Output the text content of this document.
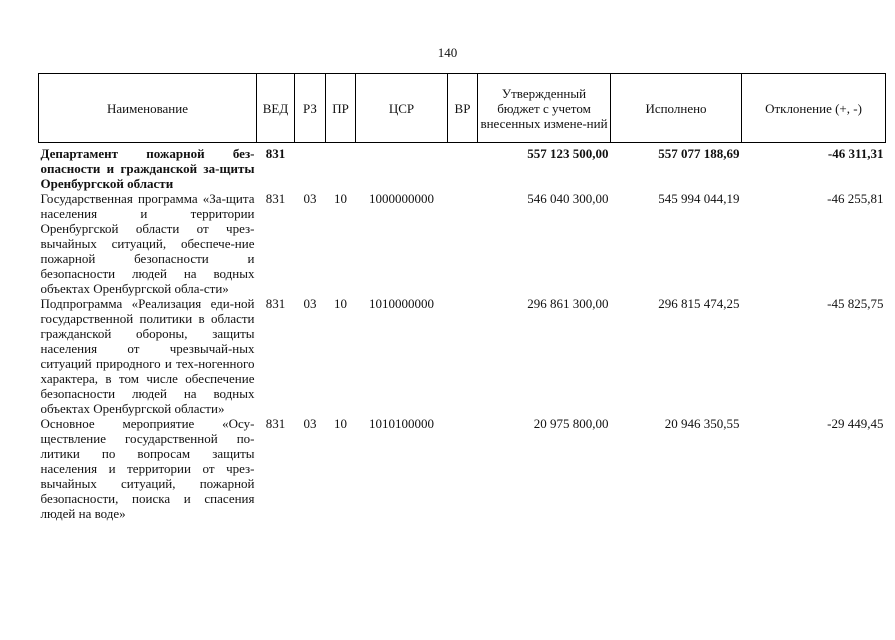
140
Наименование	ВЕД	РЗ	ПР	ЦСР	ВР	Утвержденный бюджет с учетом внесенных измене-ний	Исполнено	Отклонение (+, -)
Департамент пожарной без-опасности и гражданской за-щиты Оренбургской области	831					557 123 500,00	557 077 188,69	-46 311,31
Государственная программа «За-щита населения и территории Оренбургской области от чрез-вычайных ситуаций, обеспече-ние пожарной безопасности и безопасности людей на водных объектах Оренбургской обла-сти»	831	03	10	1000000000		546 040 300,00	545 994 044,19	-46 255,81
Подпрограмма «Реализация еди-ной государственной политики в области гражданской обороны, защиты населения от чрезвычай-ных ситуаций природного и тех-ногенного характера, в том числе обеспечение безопасности людей на водных объектах Оренбургской области»	831	03	10	1010000000		296 861 300,00	296 815 474,25	-45 825,75
Основное мероприятие «Осу-ществление государственной по-литики по вопросам защиты населения и территории от чрез-вычайных ситуаций, пожарной безопасности, поиска и спасения людей на воде»	831	03	10	1010100000		20 975 800,00	20 946 350,55	-29 449,45
